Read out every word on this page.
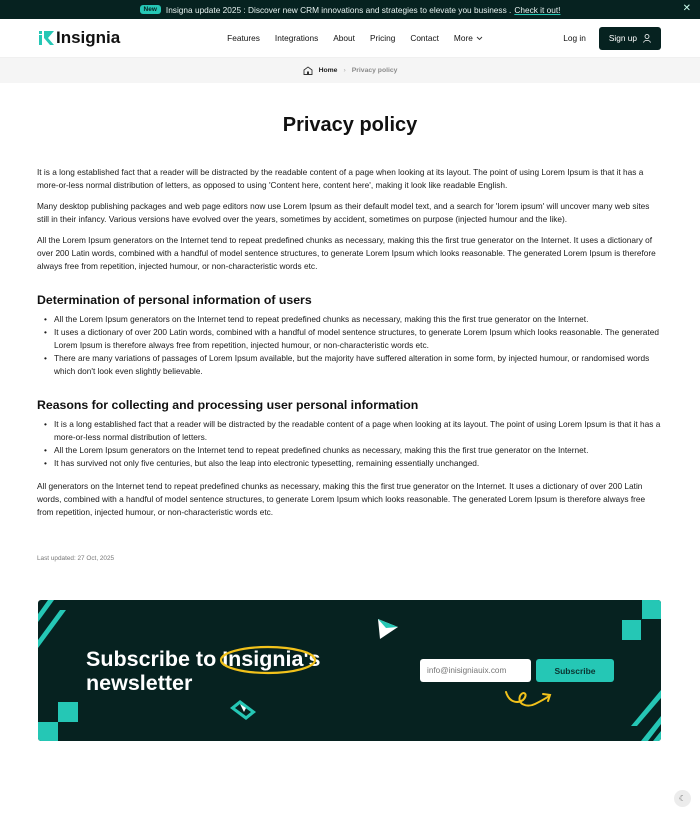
New	Insigna update 2025 : Discover new CRM innovations and strategies to elevate you business . Check it out!	✕
Insignia	Features	Integrations	About	Pricing	Contact	More	Log in	Sign up
Home › Privacy policy
Privacy policy

It is a long established fact that a reader will be distracted by the readable content of a page when looking at its layout. The point of using Lorem Ipsum is that it has a more-or-less normal distribution of letters, as opposed to using 'Content here, content here', making it look like readable English.

Many desktop publishing packages and web page editors now use Lorem Ipsum as their default model text, and a search for 'lorem ipsum' will uncover many web sites still in their infancy. Various versions have evolved over the years, sometimes by accident, sometimes on purpose (injected humour and the like).

All the Lorem Ipsum generators on the Internet tend to repeat predefined chunks as necessary, making this the first true generator on the Internet. It uses a dictionary of over 200 Latin words, combined with a handful of model sentence structures, to generate Lorem Ipsum which looks reasonable. The generated Lorem Ipsum is therefore always free from repetition, injected humour, or non-characteristic words etc.

Determination of personal information of users
• All the Lorem Ipsum generators on the Internet tend to repeat predefined chunks as necessary, making this the first true generator on the Internet.
• It uses a dictionary of over 200 Latin words, combined with a handful of model sentence structures, to generate Lorem Ipsum which looks reasonable. The generated Lorem Ipsum is therefore always free from repetition, injected humour, or non-characteristic words etc.
• There are many variations of passages of Lorem Ipsum available, but the majority have suffered alteration in some form, by injected humour, or randomised words which don't look even slightly believable.
Reasons for collecting and processing user personal information
• It is a long established fact that a reader will be distracted by the readable content of a page when looking at its layout. The point of using Lorem Ipsum is that it has a more-or-less normal distribution of letters.
• All the Lorem Ipsum generators on the Internet tend to repeat predefined chunks as necessary, making this the first true generator on the Internet.
• It has survived not only five centuries, but also the leap into electronic typesetting, remaining essentially unchanged.

All generators on the Internet tend to repeat predefined chunks as necessary, making this the first true generator on the Internet. It uses a dictionary of over 200 Latin words, combined with a handful of model sentence structures, to generate Lorem Ipsum which looks reasonable. The generated Lorem Ipsum is therefore always free from repetition, injected humour, or non-characteristic words etc.

Last updated: 27 Oct, 2025
Subscribe to
Insignia's
newsletter
info@inisigniauix.com
Subscribe
☾
